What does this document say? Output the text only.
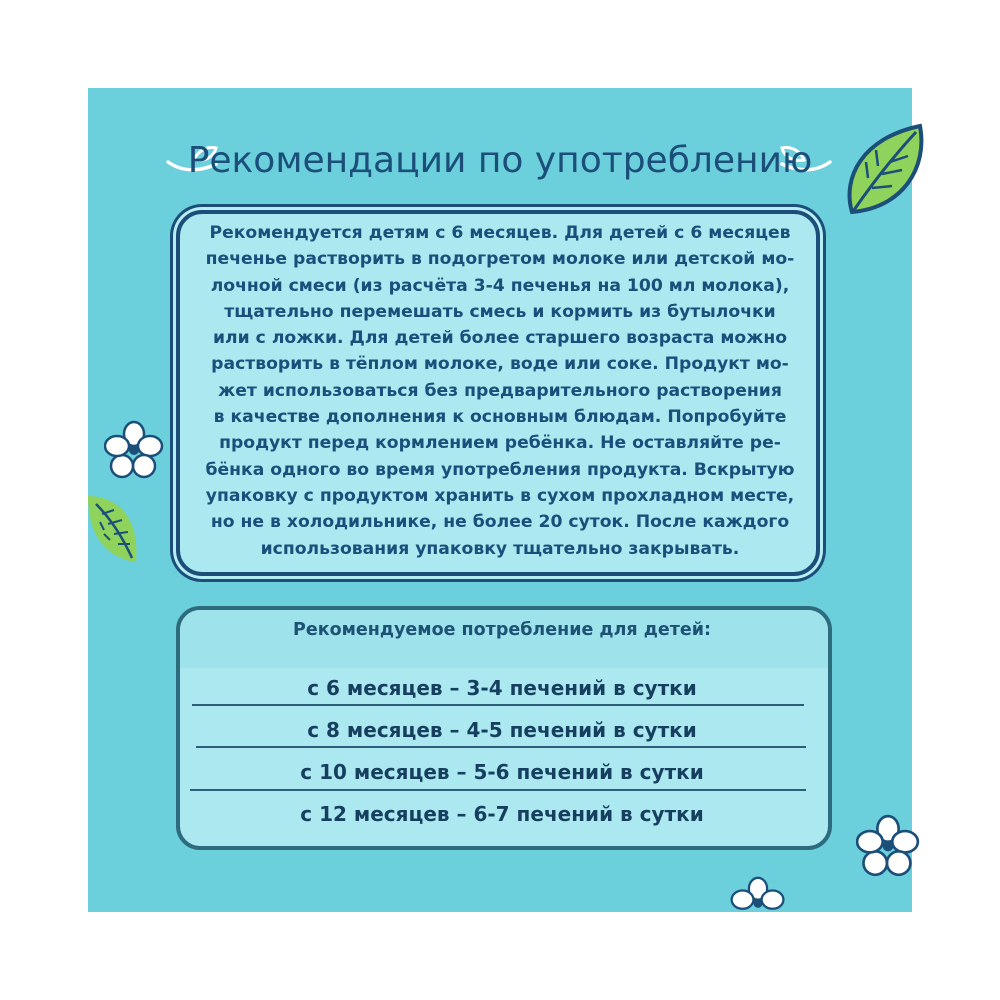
Рекомендации по употреблению
Рекомендуется детям с 6 месяцев. Для детей с 6 месяцев
печенье растворить в подогретом молоке или детской мо-
лочной смеси (из расчёта 3-4 печенья на 100 мл молока),
тщательно перемешать смесь и кормить из бутылочки
или с ложки. Для детей более старшего возраста можно
растворить в тёплом молоке, воде или соке. Продукт мо-
жет использоваться без предварительного растворения
в качестве дополнения к основным блюдам. Попробуйте
продукт перед кормлением ребёнка. Не оставляйте ре-
бёнка одного во время употребления продукта. Вскрытую
упаковку с продуктом хранить в сухом прохладном месте,
но не в холодильнике, не более 20 суток. После каждого
использования упаковку тщательно закрывать.
Рекомендуемое потребление для детей:
с 6 месяцев – 3-4 печений в сутки
с 8 месяцев – 4-5 печений в сутки
с 10 месяцев – 5-6 печений в сутки
с 12 месяцев – 6-7 печений в сутки
